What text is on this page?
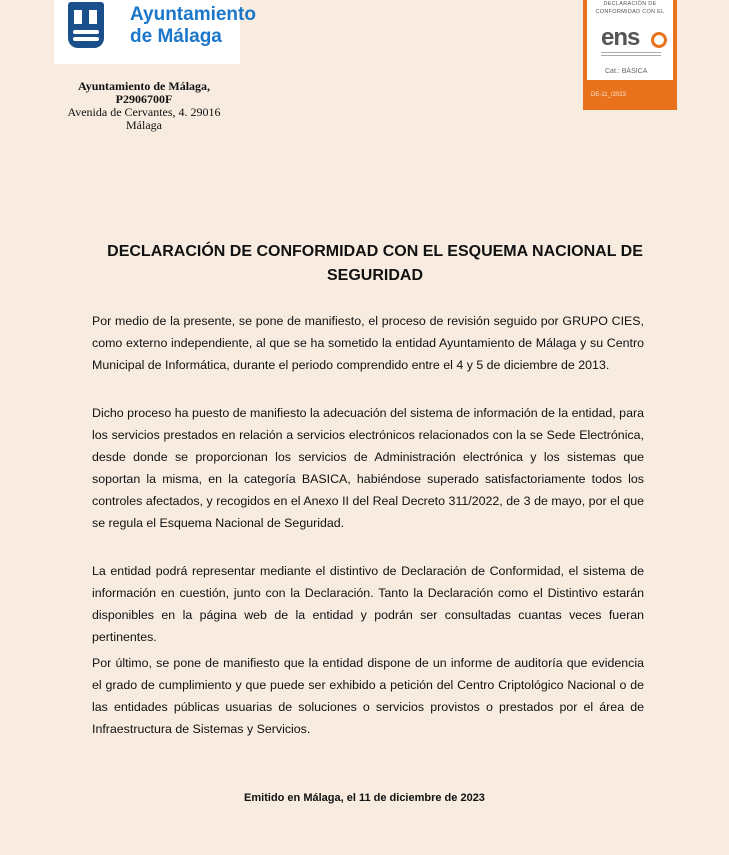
Ayuntamiento
de Málaga
Ayuntamiento de Málaga,
P2906700F
Avenida de Cervantes, 4. 29016
Málaga
DECLARACIÓN DE
CONFORMIDAD CON EL
ens
Cat.: BÁSICA
DE-11_/2023
DECLARACIÓN DE CONFORMIDAD CON EL ESQUEMA NACIONAL DE SEGURIDAD

Por medio de la presente, se pone de manifiesto, el proceso de revisión seguido por GRUPO CIES, como externo independiente, al que se ha sometido la entidad Ayuntamiento de Málaga y su Centro Municipal de Informática, durante el periodo comprendido entre el 4 y 5 de diciembre de 2013.

Dicho proceso ha puesto de manifiesto la adecuación del sistema de información de la entidad, para los servicios prestados en relación a servicios electrónicos relacionados con la se Sede Electrónica, desde donde se proporcionan los servicios de Administración electrónica y los sistemas que soportan la misma, en la categoría BASICA, habiéndose superado satisfactoriamente todos los controles afectados, y recogidos en el Anexo II del Real Decreto 311/2022, de 3 de mayo, por el que se regula el Esquema Nacional de Seguridad.

La entidad podrá representar mediante el distintivo de Declaración de Conformidad, el sistema de información en cuestión, junto con la Declaración. Tanto la Declaración como el Distintivo estarán disponibles en la página web de la entidad y podrán ser consultadas cuantas veces fueran pertinentes.

Por último, se pone de manifiesto que la entidad dispone de un informe de auditoría que evidencia el grado de cumplimiento y que puede ser exhibido a petición del Centro Criptológico Nacional o de las entidades públicas usuarias de soluciones o servicios provistos o prestados por el área de Infraestructura de Sistemas y Servicios.

Emitido en Málaga, el 11 de diciembre de 2023
